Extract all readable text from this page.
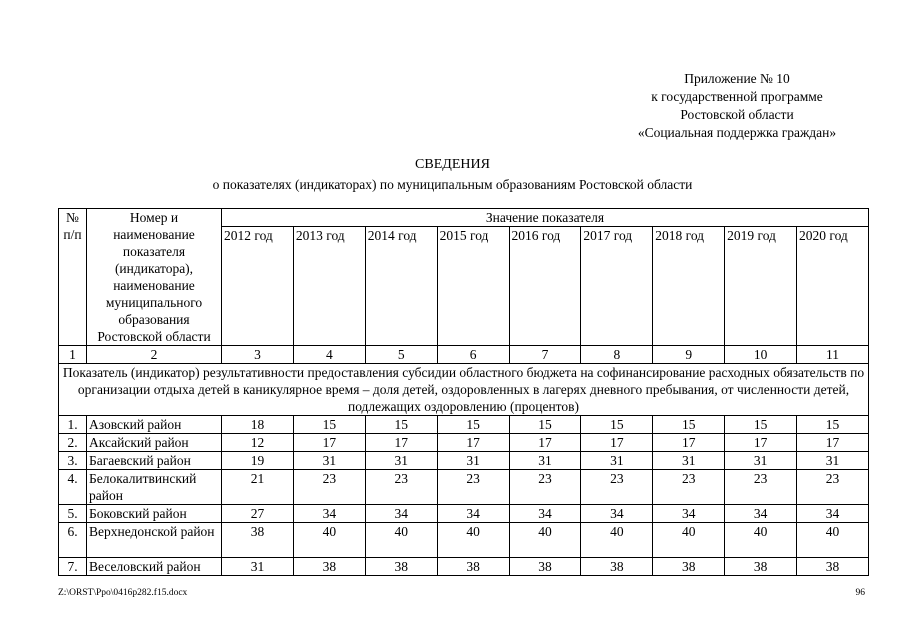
Приложение № 10
к государственной программе
Ростовской области
«Социальная поддержка граждан»
СВЕДЕНИЯ
о показателях (индикаторах) по муниципальным образованиям Ростовской области
№ п/п	Номер и наименование показателя (индикатора), наименование муниципального образования Ростовской области	Значение показателя								
		2012 год	2013 год	2014 год	2015 год	2016 год	2017 год	2018 год	2019 год	2020 год
1	2	3	4	5	6	7	8	9	10	11
Показатель (индикатор) результативности предоставления субсидии областного бюджета на софинансирование расходных обязательств по организации отдыха детей в каникулярное время – доля детей, оздоровленных в лагерях дневного пребывания, от численности детей, подлежащих оздоровлению (процентов)										
1.	Азовский район	18	15	15	15	15	15	15	15	15
2.	Аксайский район	12	17	17	17	17	17	17	17	17
3.	Багаевский район	19	31	31	31	31	31	31	31	31
4.	Белокалитвинский район	21	23	23	23	23	23	23	23	23
5.	Боковский район	27	34	34	34	34	34	34	34	34
6.	Верхнедонской район	38	40	40	40	40	40	40	40	40
7.	Веселовский район	31	38	38	38	38	38	38	38	38
Z:\ORST\Ppo\0416p282.f15.docx	96
